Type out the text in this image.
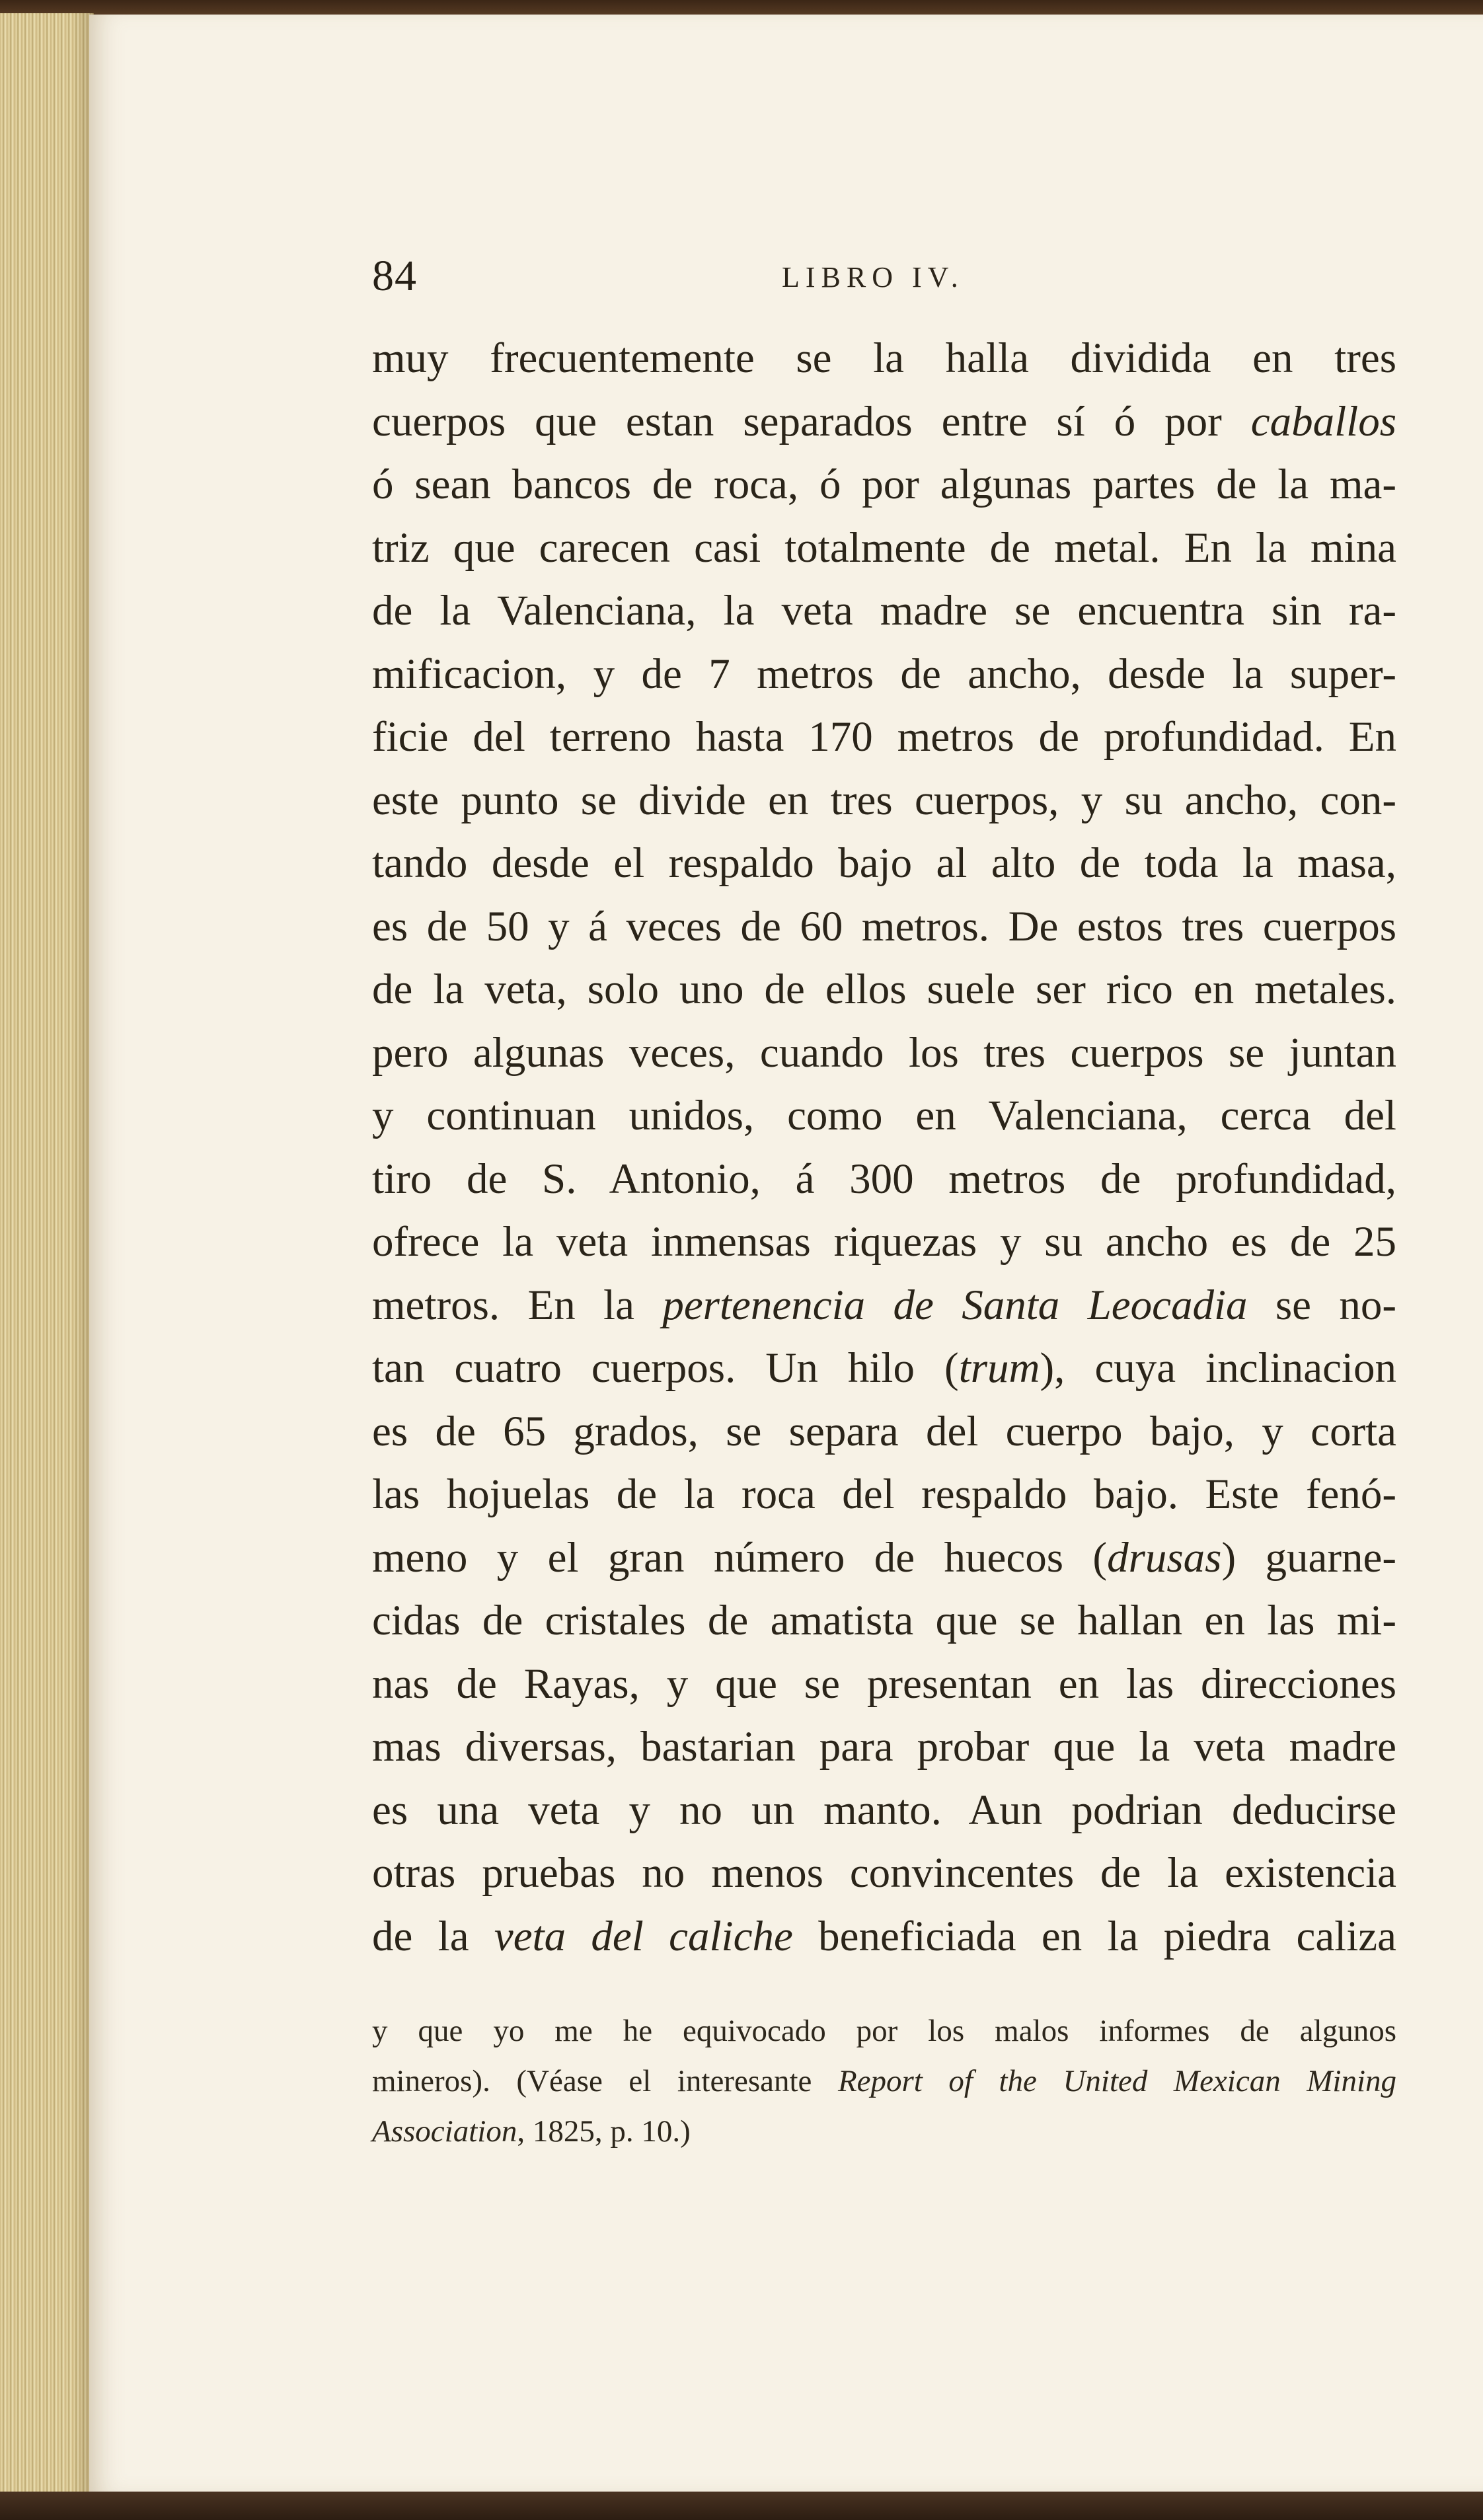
84	LIBRO IV.
muy frecuentemente se la halla dividida en tres
cuerpos que estan separados entre sí ó por caballos
ó sean bancos de roca, ó por algunas partes de la ma-
triz que carecen casi totalmente de metal. En la mina
de la Valenciana, la veta madre se encuentra sin ra-
mificacion, y de 7 metros de ancho, desde la super-
ficie del terreno hasta 170 metros de profundidad. En
este punto se divide en tres cuerpos, y su ancho, con-
tando desde el respaldo bajo al alto de toda la masa,
es de 50 y á veces de 60 metros. De estos tres cuerpos
de la veta, solo uno de ellos suele ser rico en metales.
pero algunas veces, cuando los tres cuerpos se juntan
y continuan unidos, como en Valenciana, cerca del
tiro de S. Antonio, á 300 metros de profundidad,
ofrece la veta inmensas riquezas y su ancho es de 25
metros. En la pertenencia de Santa Leocadia se no-
tan cuatro cuerpos. Un hilo (trum), cuya inclinacion
es de 65 grados, se separa del cuerpo bajo, y corta
las hojuelas de la roca del respaldo bajo. Este fenó-
meno y el gran número de huecos (drusas) guarne-
cidas de cristales de amatista que se hallan en las mi-
nas de Rayas, y que se presentan en las direcciones
mas diversas, bastarian para probar que la veta madre
es una veta y no un manto. Aun podrian deducirse
otras pruebas no menos convincentes de la existencia
de la veta del caliche beneficiada en la piedra caliza
y que yo me he equivocado por los malos informes de algunos
mineros). (Véase el interesante Report of the United Mexican Mining
Association, 1825, p. 10.)
